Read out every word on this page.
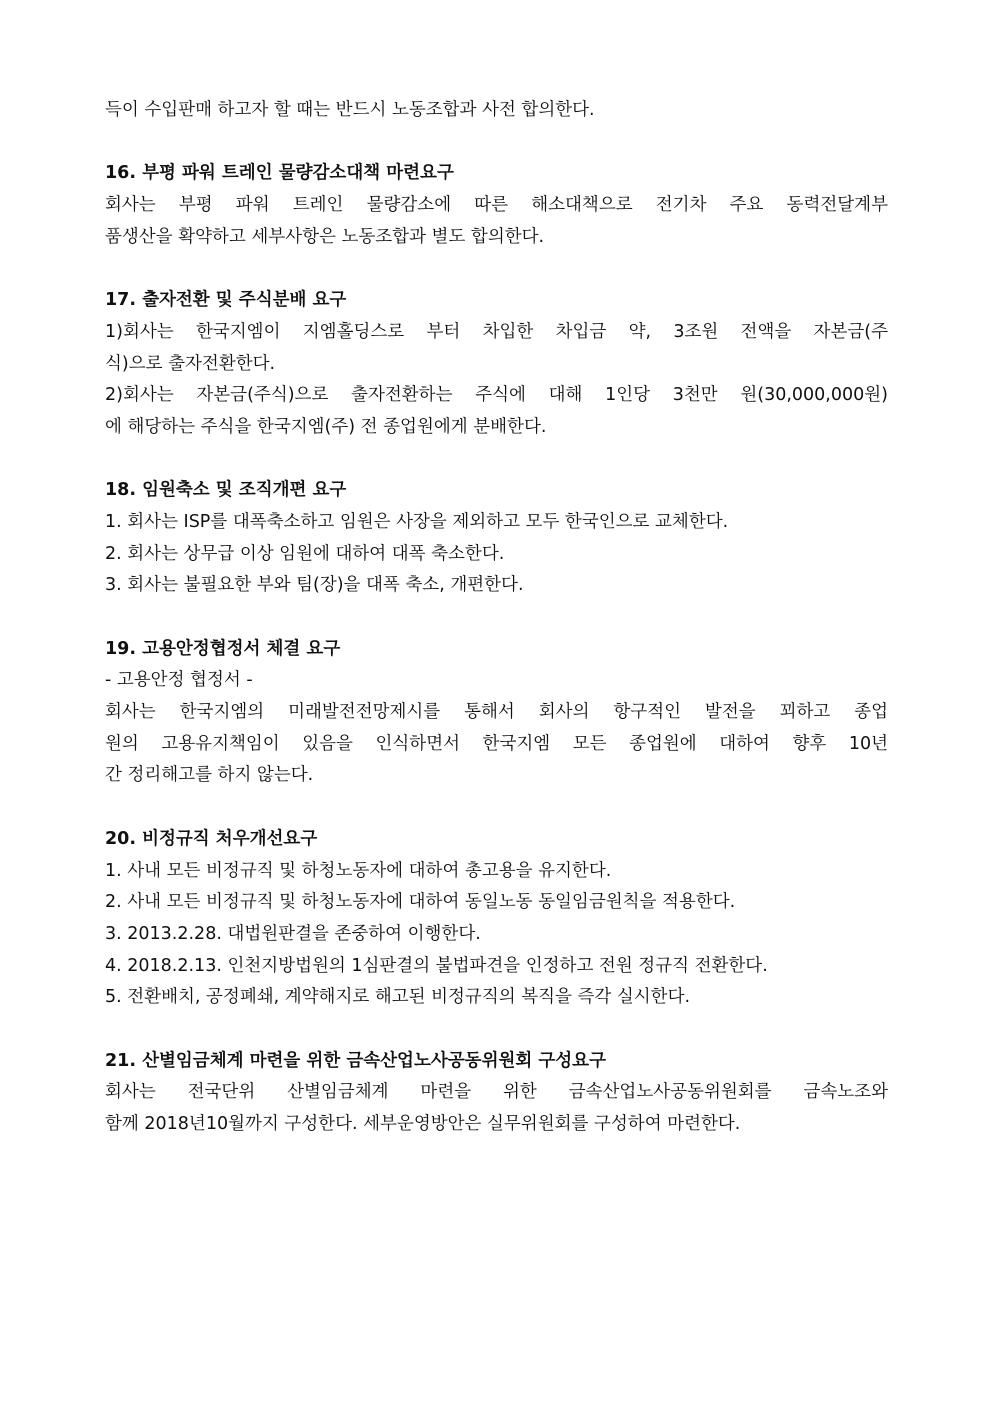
득이 수입판매 하고자 할 때는 반드시 노동조합과 사전 합의한다.
16. 부평 파워 트레인 물량감소대책 마련요구
회사는 부평 파워 트레인 물량감소에 따른 해소대책으로 전기차 주요 동력전달계부
품생산을 확약하고 세부사항은 노동조합과 별도 합의한다.
17. 출자전환 및 주식분배 요구
1)회사는 한국지엠이 지엠홀딩스로 부터 차입한 차입금 약, 3조원 전액을 자본금(주
식)으로 출자전환한다.
2)회사는 자본금(주식)으로 출자전환하는 주식에 대해 1인당 3천만 원(30,000,000원)
에 해당하는 주식을 한국지엠(주) 전 종업원에게 분배한다.
18. 임원축소 및 조직개편 요구
1. 회사는 ISP를 대폭축소하고 임원은 사장을 제외하고 모두 한국인으로 교체한다.
2. 회사는 상무급 이상 임원에 대하여 대폭 축소한다.
3. 회사는 불필요한 부와 팀(장)을 대폭 축소, 개편한다.
19. 고용안정협정서 체결 요구
- 고용안정 협정서 -
회사는 한국지엠의 미래발전전망제시를 통해서 회사의 항구적인 발전을 꾀하고 종업
원의 고용유지책임이 있음을 인식하면서 한국지엠 모든 종업원에 대하여 향후 10년
간 정리해고를 하지 않는다.
20. 비정규직 처우개선요구
1. 사내 모든 비정규직 및 하청노동자에 대하여 총고용을 유지한다.
2. 사내 모든 비정규직 및 하청노동자에 대하여 동일노동 동일임금원칙을 적용한다.
3. 2013.2.28. 대법원판결을 존중하여 이행한다.
4. 2018.2.13. 인천지방법원의 1심판결의 불법파견을 인정하고 전원 정규직 전환한다.
5. 전환배치, 공정폐쇄, 계약해지로 해고된 비정규직의 복직을 즉각 실시한다.
21. 산별임금체계 마련을 위한 금속산업노사공동위원회 구성요구
회사는 전국단위 산별임금체계 마련을 위한 금속산업노사공동위원회를 금속노조와
함께 2018년10월까지 구성한다. 세부운영방안은 실무위원회를 구성하여 마련한다.
